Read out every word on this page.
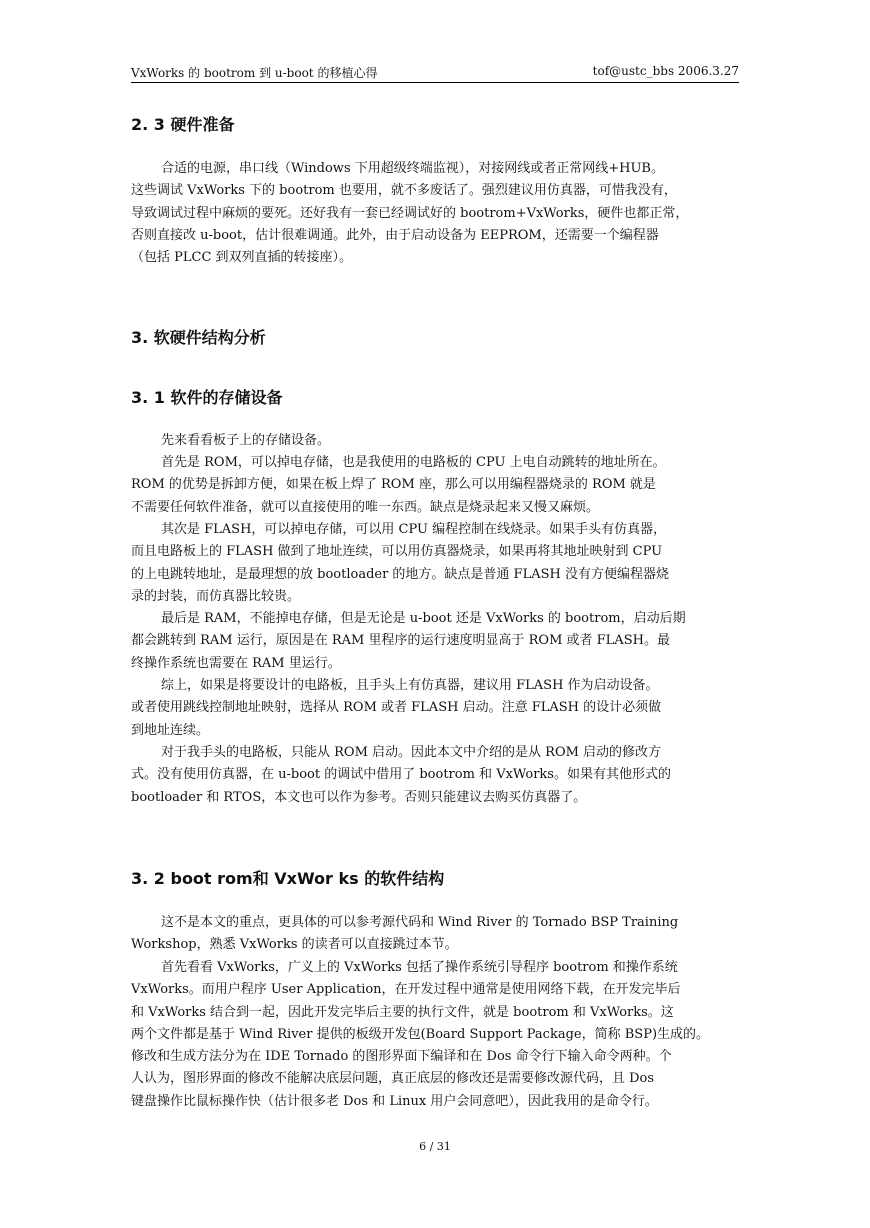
VxWorks 的 bootrom 到 u-boot 的移植心得	tof@ustc_bbs 2006.3.27
2. 3 硬件准备
合适的电源，串口线（Windows 下用超级终端监视），对接网线或者正常网线+HUB。
这些调试 VxWorks 下的 bootrom 也要用，就不多废话了。强烈建议用仿真器，可惜我没有，
导致调试过程中麻烦的要死。还好我有一套已经调试好的 bootrom+VxWorks，硬件也都正常，
否则直接改 u-boot，估计很难调通。此外，由于启动设备为 EEPROM，还需要一个编程器
（包括 PLCC 到双列直插的转接座）。
3. 软硬件结构分析
3. 1 软件的存储设备
先来看看板子上的存储设备。
首先是 ROM，可以掉电存储，也是我使用的电路板的 CPU 上电自动跳转的地址所在。
ROM 的优势是拆卸方便，如果在板上焊了 ROM 座，那么可以用编程器烧录的 ROM 就是
不需要任何软件准备，就可以直接使用的唯一东西。缺点是烧录起来又慢又麻烦。
其次是 FLASH，可以掉电存储，可以用 CPU 编程控制在线烧录。如果手头有仿真器，
而且电路板上的 FLASH 做到了地址连续，可以用仿真器烧录，如果再将其地址映射到 CPU
的上电跳转地址，是最理想的放 bootloader 的地方。缺点是普通 FLASH 没有方便编程器烧
录的封装，而仿真器比较贵。
最后是 RAM，不能掉电存储，但是无论是 u-boot 还是 VxWorks 的 bootrom，启动后期
都会跳转到 RAM 运行，原因是在 RAM 里程序的运行速度明显高于 ROM 或者 FLASH。最
终操作系统也需要在 RAM 里运行。
综上，如果是将要设计的电路板，且手头上有仿真器，建议用 FLASH 作为启动设备。
或者使用跳线控制地址映射，选择从 ROM 或者 FLASH 启动。注意 FLASH 的设计必须做
到地址连续。
对于我手头的电路板，只能从 ROM 启动。因此本文中介绍的是从 ROM 启动的修改方
式。没有使用仿真器，在 u-boot 的调试中借用了 bootrom 和 VxWorks。如果有其他形式的
bootloader 和 RTOS，本文也可以作为参考。否则只能建议去购买仿真器了。
3. 2 boot rom和 VxWor ks 的软件结构
这不是本文的重点，更具体的可以参考源代码和 Wind River 的 Tornado BSP Training
Workshop，熟悉 VxWorks 的读者可以直接跳过本节。
首先看看 VxWorks，广义上的 VxWorks 包括了操作系统引导程序 bootrom 和操作系统
VxWorks。而用户程序 User Application，在开发过程中通常是使用网络下载，在开发完毕后
和 VxWorks 结合到一起，因此开发完毕后主要的执行文件，就是 bootrom 和 VxWorks。这
两个文件都是基于 Wind River 提供的板级开发包(Board Support Package，简称 BSP)生成的。
修改和生成方法分为在 IDE Tornado 的图形界面下编译和在 Dos 命令行下输入命令两种。个
人认为，图形界面的修改不能解决底层问题，真正底层的修改还是需要修改源代码，且 Dos
键盘操作比鼠标操作快（估计很多老 Dos 和 Linux 用户会同意吧），因此我用的是命令行。
6 / 31
